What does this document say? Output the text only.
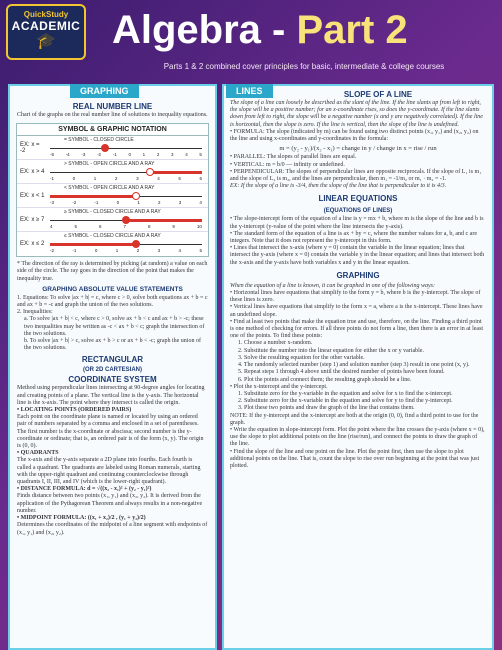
QuickStudy
ACADEMIC
🎓	Algebra - Part 2
Parts 1 & 2 combined cover principles for basic, intermediate & college courses
GRAPHING
REAL NUMBER LINE
Chart of the graphs on the real number line of solutions to inequality equations.
SYMBOL & GRAPHIC NOTATION
EX: x = -2
= SYMBOL - CLOSED CIRCLE
-5	-4	-3	-2	-1	0	1	2	3	4	5
EX: x > 4
> SYMBOL - OPEN CIRCLE AND A RAY
-1	0	1	2	3	4	5	6
EX: x < 1
< SYMBOL - OPEN CIRCLE AND A RAY
-3	-2	-1	0	1	2	3	4
EX: x ≥ 7
≥ SYMBOL - CLOSED CIRCLE AND A RAY
4	5	6	7	8	9	10
EX: x ≤ 2
≤ SYMBOL - CLOSED CIRCLE AND A RAY
-2	-1	0	1	2	3	4	5
* The direction of the ray is determined by picking (at random) a value on each side of the circle. The ray goes in the direction of the point that makes the inequality true.
GRAPHING ABSOLUTE VALUE STATEMENTS
1. Equations: To solve |ax + b| = c, where c > 0, solve both equations ax + b = c and ax + b = -c and graph the union of the two solutions.
2. Inequalities:
a. To solve |ax + b| < c, where c > 0, solve ax + b < c and ax + b > -c; these two inequalities may be written as -c < ax + b < c; graph the intersection of the two solutions.
b. To solve |ax + b| > c, solve ax + b > c or ax + b < -c; graph the union of the two solutions.
RECTANGULAR
(OR 2D CARTESIAN)
COORDINATE SYSTEM
Method using perpendicular lines intersecting at 90-degree angles for locating and creating points of a plane. The vertical line is the y-axis. The horizontal line is the x-axis. The point where they intersect is called the origin.
• LOCATING POINTS (ORDERED PAIRS)
Each point on the coordinate plane is named or located by using an ordered pair of numbers separated by a comma and enclosed in a set of parentheses. The first number is the x-coordinate or abscissa; second number is the y-coordinate or ordinate; that is, an ordered pair is of the form (x, y). The origin is (0, 0).
• QUADRANTS
The x-axis and the y-axis separate a 2D plane into fourths. Each fourth is called a quadrant. The quadrants are labeled using Roman numerals, starting with the upper-right quadrant and continuing counterclockwise through quadrants I, II, III, and IV (which is the lower-right quadrant).
• DISTANCE FORMULA: d = √((x₂ - x₁)² + (y₂ - y₁)²)
Finds distance between two points (x₁, y₁) and (x₂, y₂). It is derived from the application of the Pythagorean Theorem and always results in a non-negative number.
• MIDPOINT FORMULA: ((x₁ + x₂)/2 , (y₁ + y₂)/2)
Determines the coordinates of the midpoint of a line segment with endpoints of (x₁, y₁) and (x₂, y₂).
LINES	SLOPE OF A LINE
The slope of a line can loosely be described as the slant of the line. If the line slants up from left to right, the slope will be a positive number; for an x-coordinate rises, so does the y-coordinate. If the line slants down from left to right, the slope will be a negative number (x and y are negatively correlated). If the line is horizontal, then the slope is zero. If the line is vertical, then the slope of the line is undefined.
• FORMULA: The slope (indicated by m) can be found using two distinct points (x₁, y₁) and (x₂, y₂) on the line and using x-coordinates and y-coordinates in the formula:
m = (y₂ - y₁)/(x₂ - x₁) = change in y / change in x = rise / run
• PARALLEL: The slopes of parallel lines are equal.
• VERTICAL: m = b/0 — infinity or undefined.
• PERPENDICULAR: The slopes of perpendicular lines are opposite reciprocals. If the slope of L₁ is m₁ and the slope of L₂ is m₂, and the lines are perpendicular, then m₁ = -1/m₂ or m₁ · m₂ = -1.
EX: If the slope of a line is -3/4, then the slope of the line that is perpendicular to it is 4/3.
LINEAR EQUATIONS
(EQUATIONS OF LINES)
• The slope-intercept form of the equation of a line is y = mx + b, where m is the slope of the line and b is the y-intercept (y-value of the point where the line intersects the y-axis).
• The standard form of the equation of a line is ax + by = c, where the number values for a, b, and c are integers. Note that it does not represent the y-intercept in this form.
• Lines that intersect the x-axis (where y = 0) contain the variable in the linear equation; lines that intersect the y-axis (where x = 0) contain the variable y in the linear equation; and lines that intersect both the x-axis and the y-axis have both variables x and y in the linear equation.
GRAPHING
When the equation of a line is known, it can be graphed in one of the following ways:
• Horizontal lines have equations that simplify to the form y = b, where b is the y-intercept. The slope of these lines is zero.
• Vertical lines have equations that simplify to the form x = a, where a is the x-intercept. These lines have an undefined slope.
• Find at least two points that make the equation true and use, therefore, on the line. Finding a third point is one method of checking for errors. If all three points do not form a line, then there is an error in at least one of the points. To find these points:
1. Choose a number x-random.
2. Substitute the number into the linear equation for either the x or y variable.
3. Solve the resulting equation for the other variable.
4. The randomly selected number (step 1) and solution number (step 3) result in one point (x, y).
5. Repeat steps 1 through 4 above until the desired number of points have been found.
6. Plot the points and connect them; the resulting graph should be a line.
• Plot the x-intercept and the y-intercept.
1. Substitute zero for the y-variable in the equation and solve for x to find the x-intercept.
2. Substitute zero for the x-variable in the equation and solve for y to find the y-intercept.
3. Plot these two points and draw the graph of the line that contains them.
NOTE: If the y-intercept and the x-intercept are both at the origin (0, 0), find a third point to use for the graph.
• Write the equation in slope-intercept form. Plot the point where the line crosses the y-axis (where x = 0), use the slope to plot additional points on the line (rise/run), and connect the points to draw the graph of the line.
• Find the slope of the line and one point on the line. Plot the point first, then use the slope to plot additional points on the line. That is, count the slope to rise over run beginning at the point that was just plotted.
